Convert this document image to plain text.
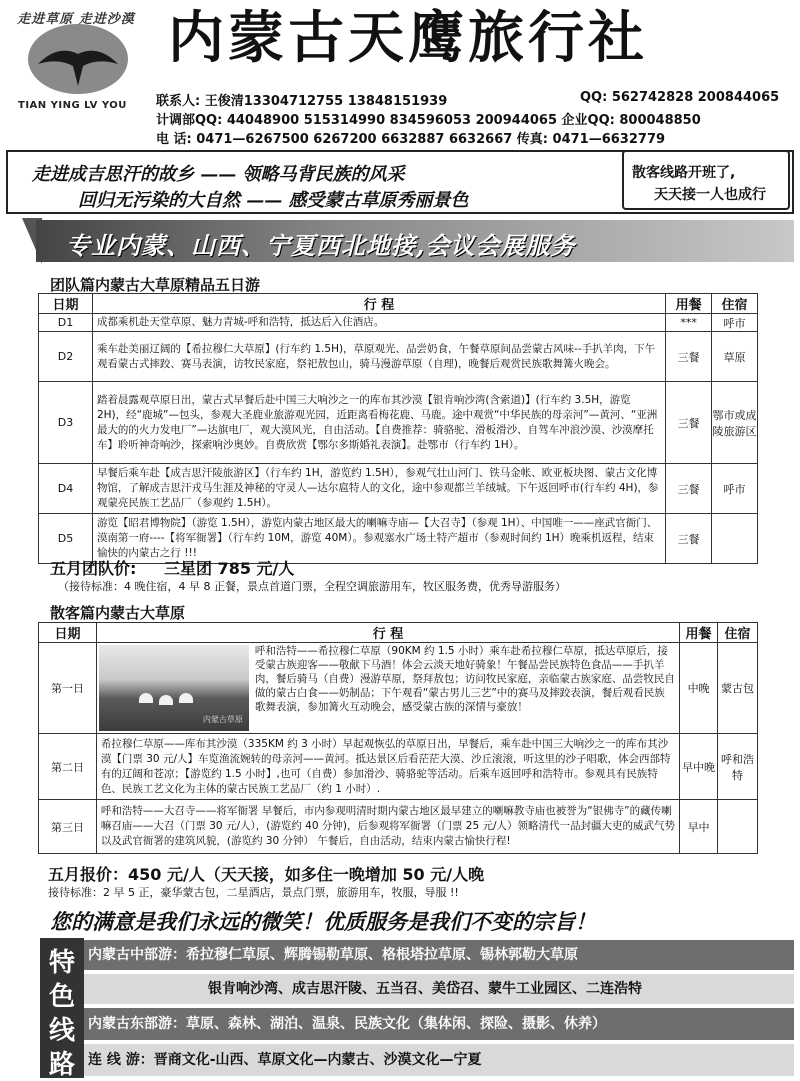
走进草原 走进沙漠
TIAN YING LV YOU
内蒙古天鹰旅行社
联系人: 王俊清13304712755 13848151939	QQ: 562742828 200844065
计调部QQ: 44048900 515314990 834596053 200944065 企业QQ: 800048850
电 话: 0471—6267500 6267200 6632887 6632667 传真: 0471—6632779
走进成吉思汗的故乡 —— 领略马背民族的风采
回归无污染的大自然 —— 感受蒙古草原秀丽景色
散客线路开班了,
天天接一人也成行
专业内蒙、山西、宁夏西北地接,会议会展服务
团队篇内蒙古大草原精品五日游
日期	行 程	用餐	住宿
D1	成都乘机赴天堂草原、魅力青城-呼和浩特，抵达后入住酒店。	***	呼市
D2	乘车赴美丽辽阔的【希拉穆仁大草原】(行车约 1.5H)，草原观光、品尝奶食，午餐草原间品尝蒙古风味--手扒羊肉，下午观看蒙古式摔跤、赛马表演，访牧民家庭，祭祀敖包山，骑马漫游草原（自理)，晚餐后观赏民族歌舞篝火晚会。	三餐	草原
D3	踏着晨露观草原日出，蒙古式早餐后赴中国三大响沙之一的库布其沙漠【银肯响沙湾(含索道)】(行车约 3.5H，游览 2H)，经“鹿城”—包头，参观大圣鹿业旅游观光园，近距离看梅花鹿、马鹿。途中观赏“中华民族的母亲河”—黄河、“亚洲最大的的火力发电厂”—达旗电厂，观大漠风光，自由活动。【自费推荐：骑骆驼、滑板滑沙、自驾车冲浪沙漠、沙漠摩托车】聆听神奇响沙，探索响沙奥妙。自费欣赏【鄂尔多斯婚礼表演】。赴鄂市（行车约 1H）。	三餐	鄂市或成陵旅游区
D4	早餐后乘车赴【成吉思汗陵旅游区】（行车约 1H，游览约 1.5H），参观气壮山河门、铁马金帐、欧亚板块图、蒙古文化博物馆，了解成吉思汗戎马生涯及神秘的守灵人—达尔扈特人的文化，途中参观都兰羊绒城。下午返回呼市(行车约 4H)，参观蒙亮民族工艺品厂（参观约 1.5H）。	三餐	呼市
D5	游览【昭君博物院】（游览 1.5H），游览内蒙古地区最大的喇嘛寺庙—【大召寺】（参观 1H）、中国唯一——座武官衙门、漠南第一府----【将军衙署】（行车约 10M，游览 40M）。参观塞水广场土特产超市（参观时间约 1H）晚乘机返程，结束愉快的内蒙古之行 !!!	三餐	
五月团队价: 三星团 785 元/人
（接待标准：4 晚住宿，4 早 8 正餐，景点首道门票，全程空调旅游用车，牧区服务费，优秀导游服务）
散客篇内蒙古大草原
日期	行 程	用餐	住宿
第一日	内蒙古草原
呼和浩特——希拉穆仁草原（90KM 约 1.5 小时）乘车赴希拉穆仁草原，抵达草原后，接受蒙古族迎客——敬献下马酒！体会云淡天地好骑象！午餐品尝民族特色食品——手扒羊肉，餐后骑马（自费）漫游草原，祭拜敖包；访问牧民家庭，亲临蒙古族家庭、品尝牧民自做的蒙古白食——奶制品；下午观看“蒙古男儿三艺”中的赛马及摔跤表演，餐后观看民族歌舞表演，参加篝火互动晚会，感受蒙古族的深情与豪放！	中晚	蒙古包
第二日	希拉穆仁草原——库布其沙漠（335KM 约 3 小时）早起观恢弘的草原日出，早餐后，乘车赴中国三大响沙之一的库布其沙漠【门票 30 元/人】车览渔流婉转的母亲河——黄河。抵达景区后看茫茫大漠、沙丘滚滚，听这里的沙子唱歌，体会西部特有的辽阔和苍凉；【游览约 1.5 小时】,也可（自费）参加滑沙、骑骆驼等活动。后乘车返回呼和浩特市。参观具有民族特色、民族工艺文化为主体的蒙古民族工艺品厂（约 1 小时）.	早中晚	呼和浩特
第三日	呼和浩特——大召寺——将军衙署 早餐后，市内参观明清时期内蒙古地区最早建立的喇嘛教寺庙也被誉为“银佛寺”的藏传喇嘛召庙——大召（门票 30 元/人），(游览约 40 分钟)，后参观将军衙署（门票 25 元/人）领略清代一品封疆大吏的威武气势以及武官衙署的建筑风貌，(游览约 30 分钟） 午餐后，自由活动，结束内蒙古愉快行程!	早中	
五月报价：450 元/人（天天接，如多住一晚增加 50 元/人晚
接待标准：2 早 5 正，豪华蒙古包，二星酒店，景点门票，旅游用车，牧服，导服 !!
您的满意是我们永远的微笑！优质服务是我们不变的宗旨！
特
色
线
路
内蒙古中部游：希拉穆仁草原、辉腾锡勒草原、格根塔拉草原、锡林郭勒大草原
银肯响沙湾、成吉思汗陵、五当召、美岱召、蒙牛工业园区、二连浩特
内蒙古东部游：草原、森林、湖泊、温泉、民族文化（集体闲、探险、摄影、休养）
连 线 游：晋商文化-山西、草原文化—内蒙古、沙漠文化—宁夏
